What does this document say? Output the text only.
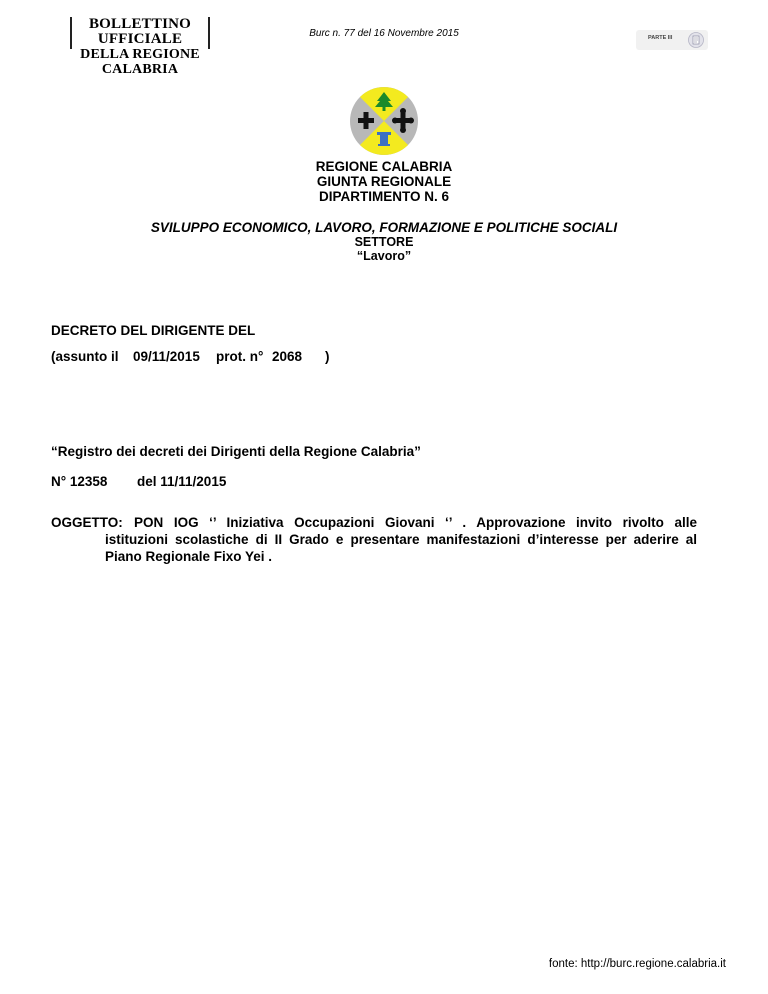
BOLLETTINO UFFICIALE
DELLA REGIONE CALABRIA
Burc n. 77 del 16 Novembre 2015	PARTE III
REGIONE CALABRIA
GIUNTA REGIONALE
DIPARTIMENTO N. 6
SVILUPPO ECONOMICO, LAVORO, FORMAZIONE E POLITICHE SOCIALI
SETTORE
“Lavoro”
DECRETO DEL DIRIGENTE DEL
(assunto il 09/11/2015 prot. n° 2068 )
“Registro dei decreti dei Dirigenti della Regione Calabria”
N° 12358 del 11/11/2015
OGGETTO: PON IOG ‘’ Iniziativa Occupazioni Giovani ‘’ . Approvazione invito rivolto alle
istituzioni scolastiche di II Grado e presentare manifestazioni d’interesse per aderire al
Piano Regionale Fixo Yei .
fonte: http://burc.regione.calabria.it
